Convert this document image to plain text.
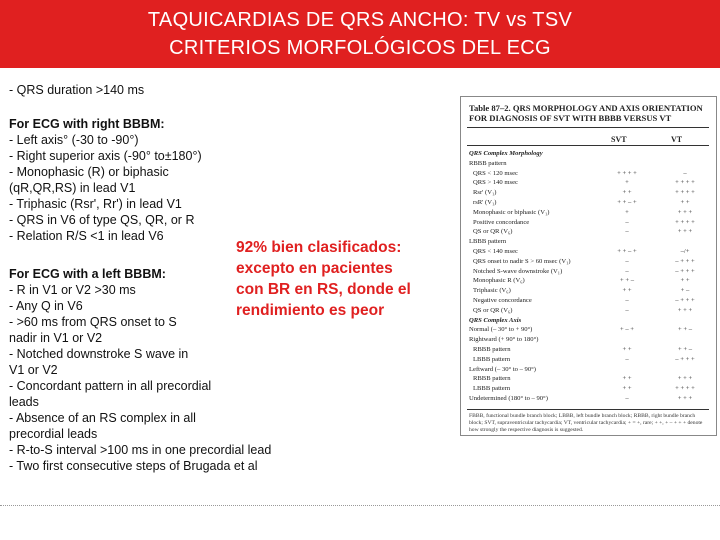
TAQUICARDIAS DE QRS ANCHO: TV vs TSV
CRITERIOS MORFOLÓGICOS DEL ECG
- QRS duration >140 ms
For ECG with right BBBM:
- Left axis° (-30 to -90°)
- Right superior axis (-90° to±180°)
- Monophasic (R) or biphasic
(qR,QR,RS) in lead V1
- Triphasic (Rsr', Rr') in lead V1
- QRS in V6 of type QS, QR, or R
- Relation R/S <1 in lead V6
For ECG with a left BBBM:
- R in V1 or V2 >30 ms
- Any Q in V6
- >60 ms from QRS onset to S
nadir in V1 or V2
- Notched downstroke S wave in
V1 or V2
- Concordant pattern in all precordial
leads
- Absence of an RS complex in all
precordial leads
- R-to-S interval >100 ms in one precordial lead
- Two first consecutive steps of Brugada et al
92% bien clasificados:
excepto en pacientes
con BR en RS, donde el
rendimiento es peor
Table 87–2. QRS MORPHOLOGY AND AXIS ORIENTATION
FOR DIAGNOSIS OF SVT WITH BBBB VERSUS VT
SVT	VT
QRS Complex Morphology
RBBB pattern
QRS < 120 msec	+ + + +	–
QRS > 140 msec	+	+ + + +
Rsr' (V₁)	+ +	+ + + +
rsR' (V₁)	+ + – +	+ +
Monophasic or biphasic (V₁)	+	+ + +
Positive concordance	–	+ + + +
QS or QR (V₆)	–	+ + +
LBBB pattern
QRS < 140 msec	+ + – +	–/+
QRS onset to nadir S > 60 msec (V₁)	–	– + + +
Notched S-wave downstroke (V₁)	–	– + + +
Monophasic R (V₆)	+ + –	+ +
Triphasic (V₆)	+ +	+ –
Negative concordance	–	– + + +
QS or QR (V₆)	–	+ + +
QRS Complex Axis
Normal (– 30° to + 90°)	+ – +	+ + –
Rightward (+ 90° to 180°)
RBBB pattern	+ +	+ + –
LBBB pattern	–	– + + +
Leftward (– 30° to – 90°)
RBBB pattern	+ +	+ + +
LBBB pattern	+ +	+ + + +
Undetermined (180° to – 90°)	–	+ + +
FBBB, functional bundle branch block; LBBB, left bundle branch block; RBBB, right bundle branch block; SVT, supraventricular tachycardia; VT, ventricular tachycardia; + = +, rare; + +, + – + + + denote how strongly the respective diagnosis is suggested.
